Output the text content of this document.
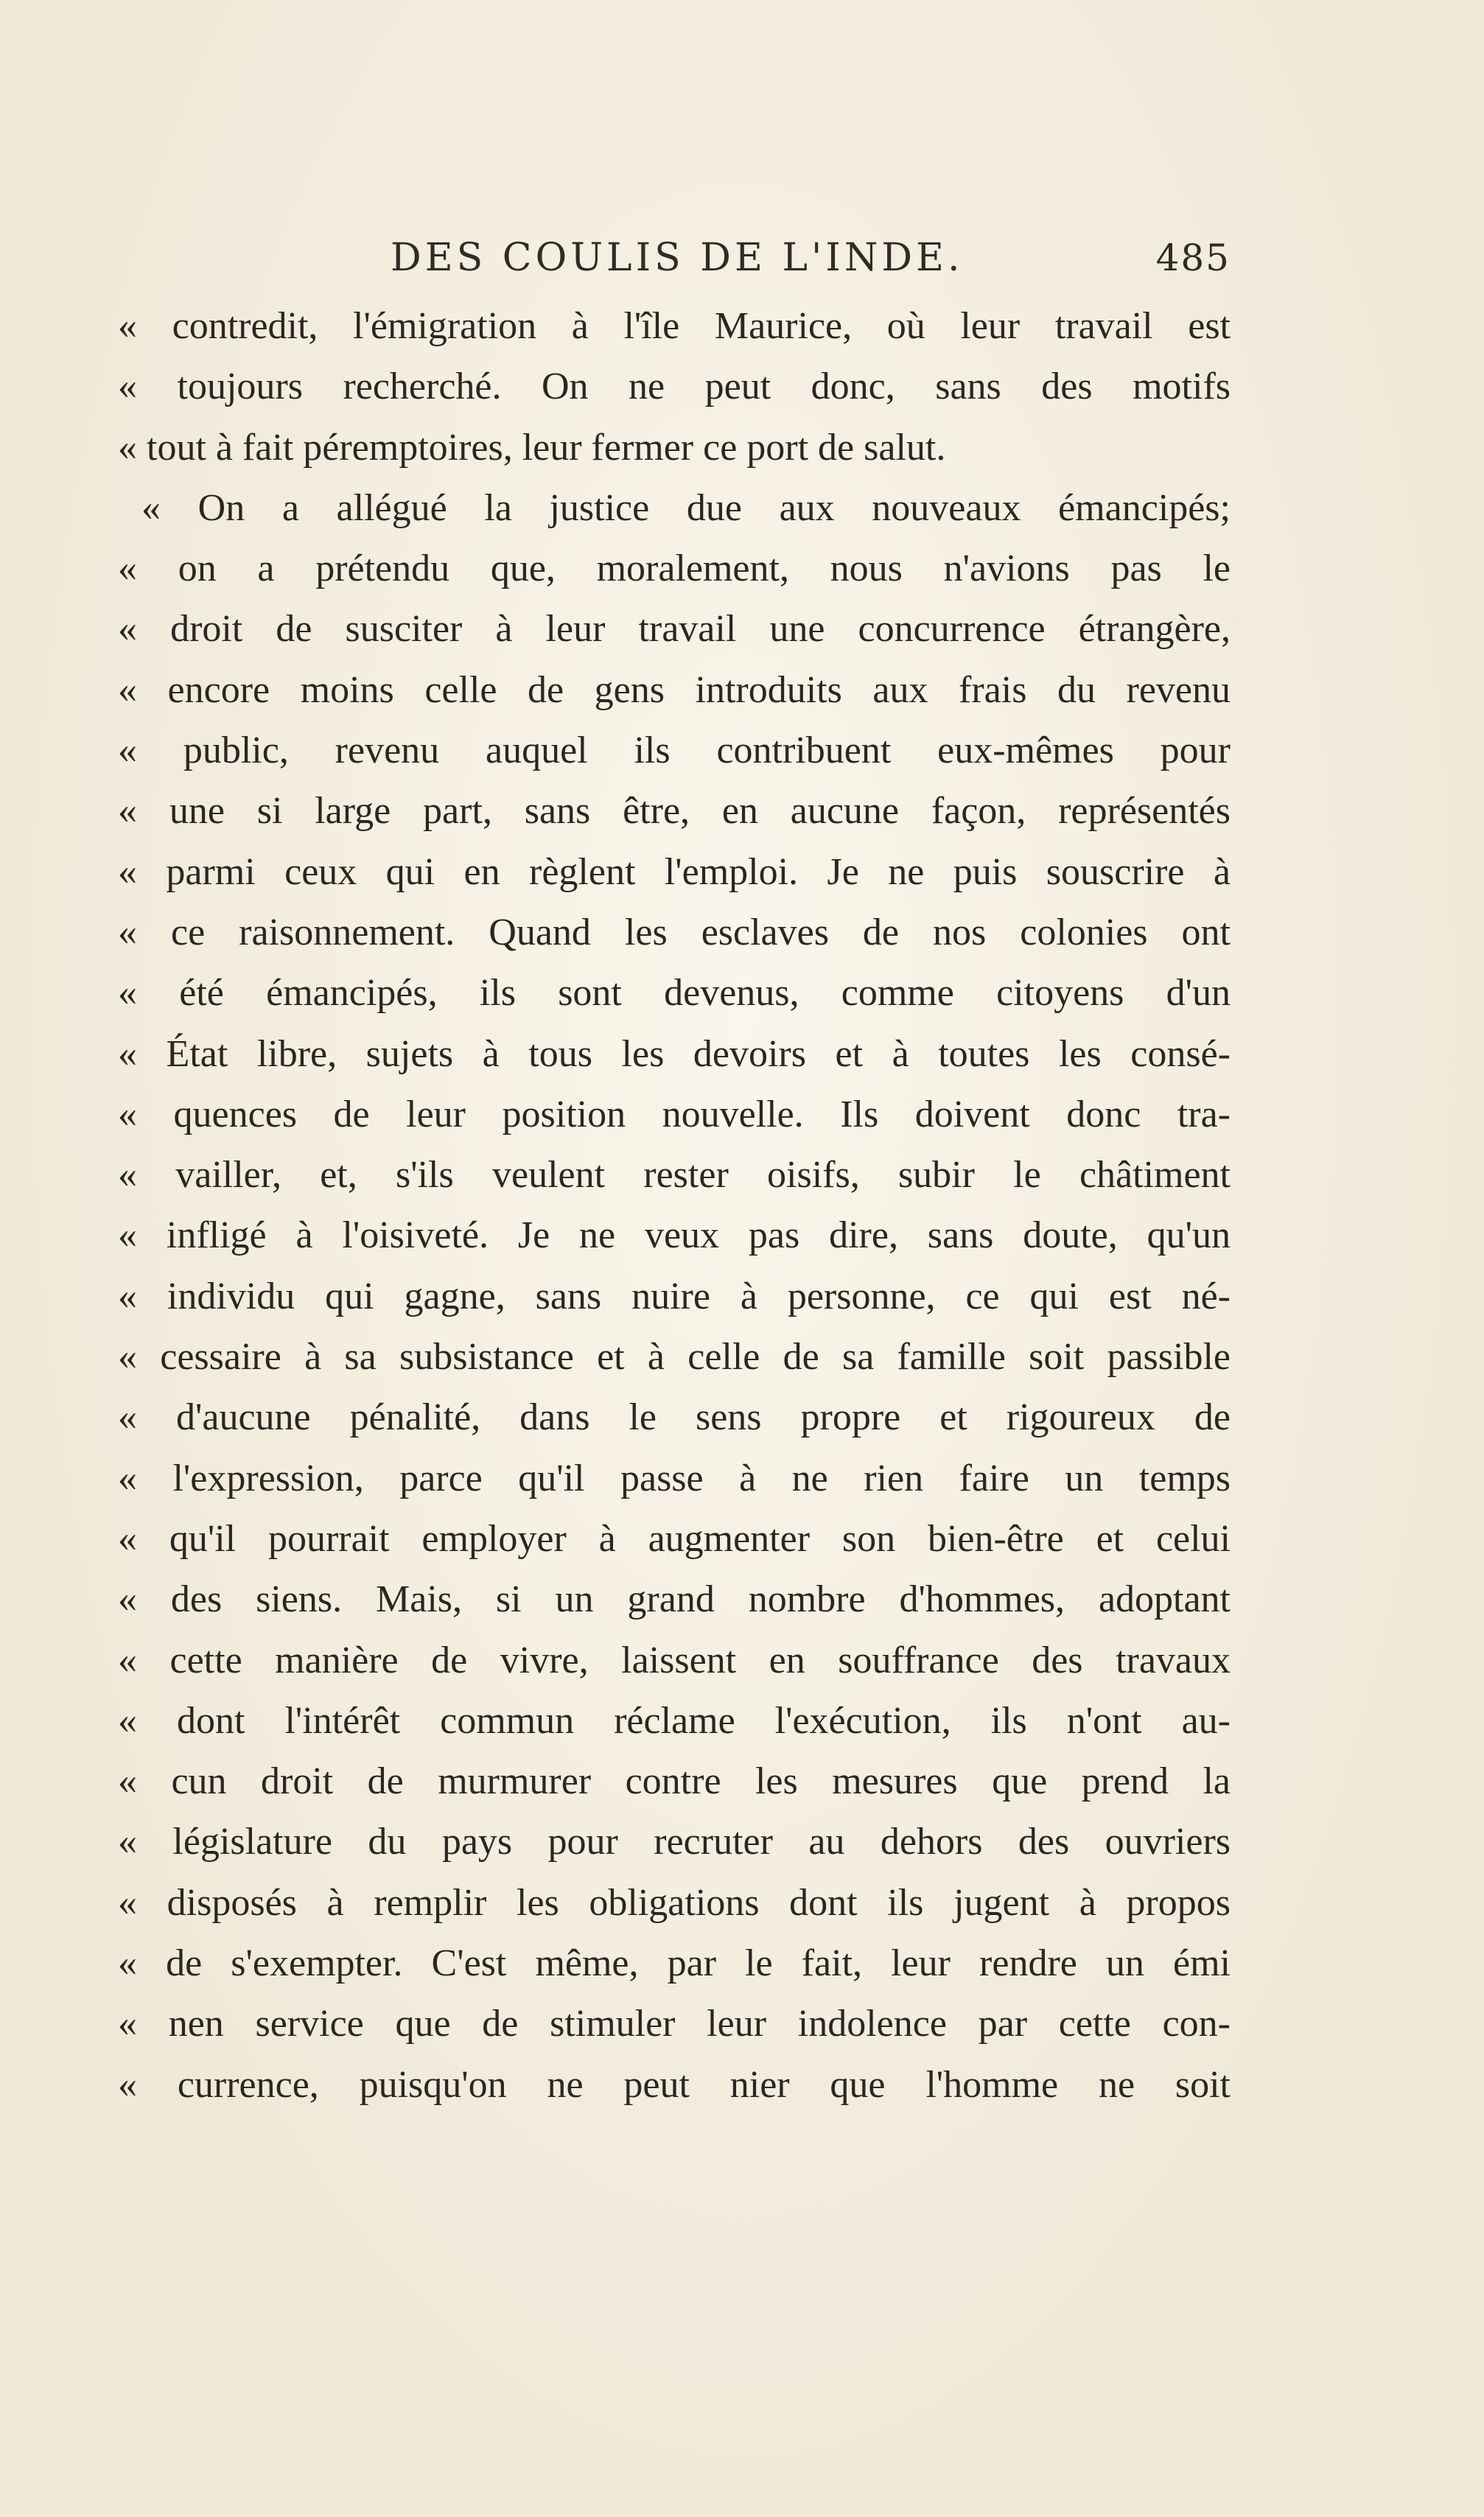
DES COULIS DE L'INDE.	485
« contredit, l'émigration à l'île Maurice, où leur travail est
« toujours recherché. On ne peut donc, sans des motifs
« tout à fait péremptoires, leur fermer ce port de salut.
« On a allégué la justice due aux nouveaux émancipés;
« on a prétendu que, moralement, nous n'avions pas le
« droit de susciter à leur travail une concurrence étrangère,
« encore moins celle de gens introduits aux frais du revenu
« public, revenu auquel ils contribuent eux-mêmes pour
« une si large part, sans être, en aucune façon, représentés
« parmi ceux qui en règlent l'emploi. Je ne puis souscrire à
« ce raisonnement. Quand les esclaves de nos colonies ont
« été émancipés, ils sont devenus, comme citoyens d'un
« État libre, sujets à tous les devoirs et à toutes les consé-
« quences de leur position nouvelle. Ils doivent donc tra-
« vailler, et, s'ils veulent rester oisifs, subir le châtiment
« infligé à l'oisiveté. Je ne veux pas dire, sans doute, qu'un
« individu qui gagne, sans nuire à personne, ce qui est né-
« cessaire à sa subsistance et à celle de sa famille soit passible
« d'aucune pénalité, dans le sens propre et rigoureux de
« l'expression, parce qu'il passe à ne rien faire un temps
« qu'il pourrait employer à augmenter son bien-être et celui
« des siens. Mais, si un grand nombre d'hommes, adoptant
« cette manière de vivre, laissent en souffrance des travaux
« dont l'intérêt commun réclame l'exécution, ils n'ont au-
« cun droit de murmurer contre les mesures que prend la
« législature du pays pour recruter au dehors des ouvriers
« disposés à remplir les obligations dont ils jugent à propos
« de s'exempter. C'est même, par le fait, leur rendre un émi
« nen service que de stimuler leur indolence par cette con-
« currence, puisqu'on ne peut nier que l'homme ne soit
